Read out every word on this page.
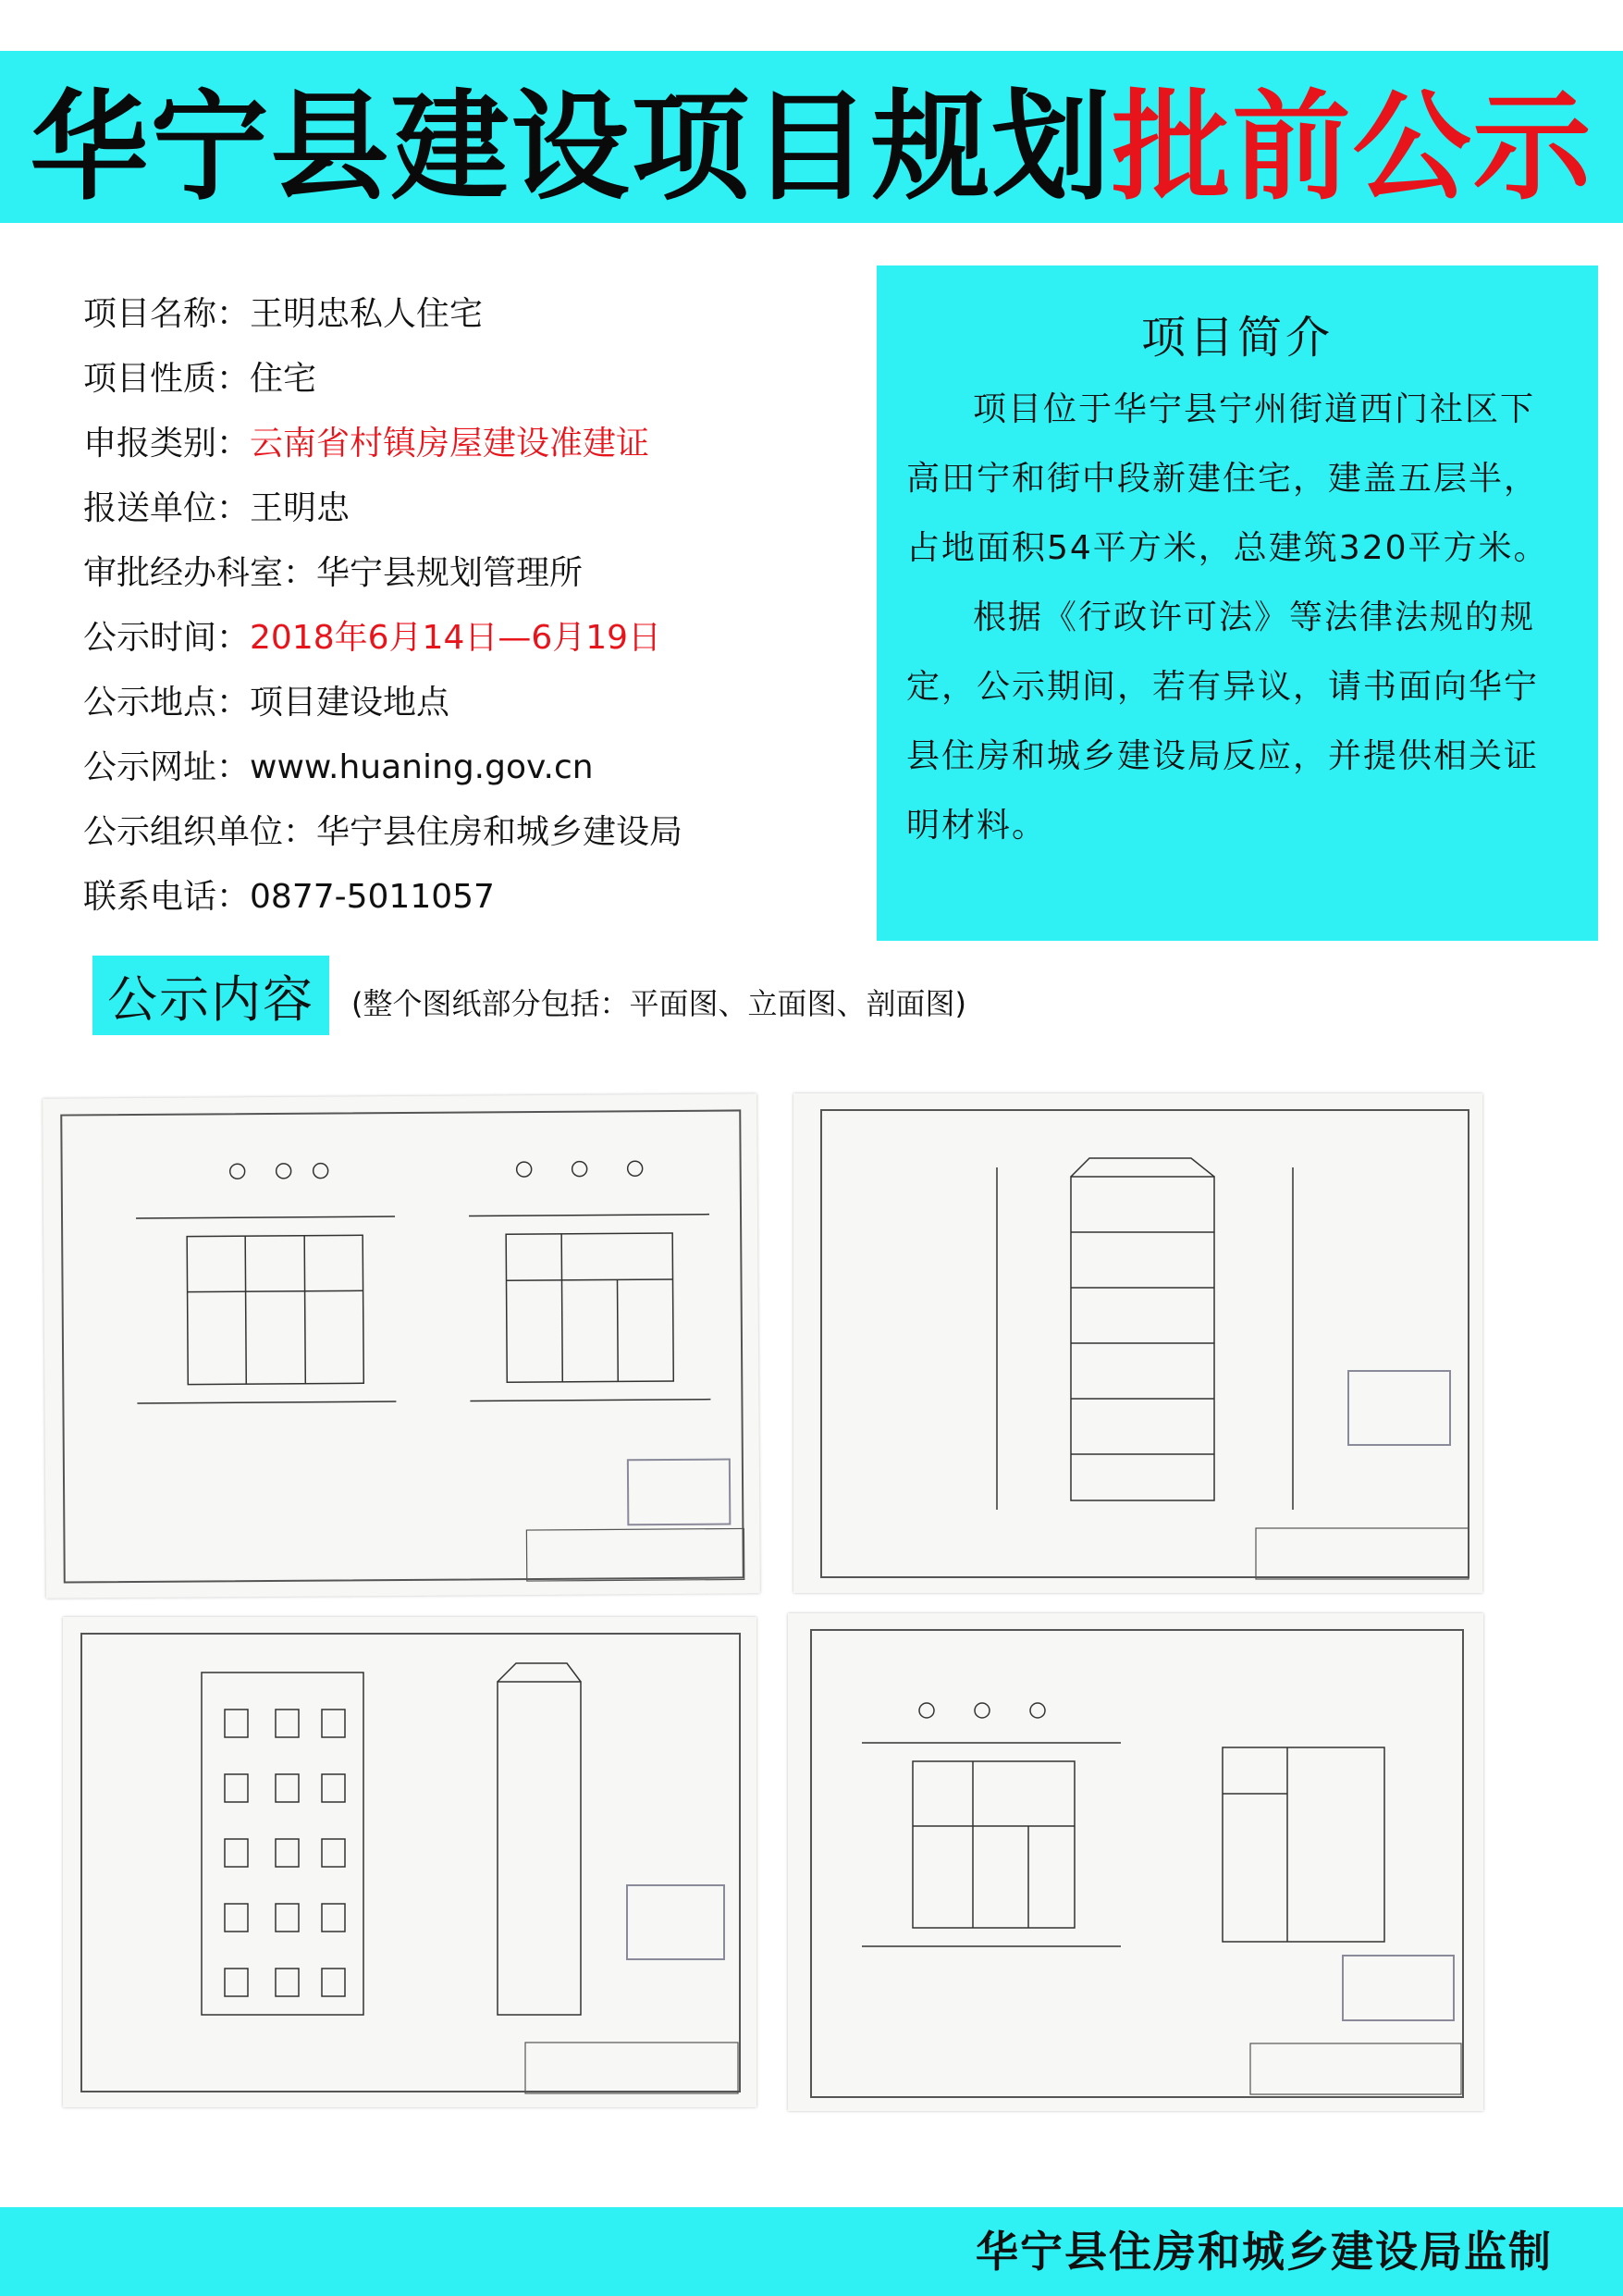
华宁县建设项目规划 批前公示
项目名称：王明忠私人住宅
项目性质：住宅
申报类别：云南省村镇房屋建设准建证
报送单位：王明忠
审批经办科室：华宁县规划管理所
公示时间：2018年6月14日—6月19日
公示地点：项目建设地点
公示网址：www.huaning.gov.cn
公示组织单位：华宁县住房和城乡建设局
联系电话：0877-5011057
项目简介

项目位于华宁县宁州街道西门社区下高田宁和街中段新建住宅，建盖五层半，占地面积54平方米，总建筑320平方米。

根据《行政许可法》等法律法规的规定，公示期间，若有异议，请书面向华宁县住房和城乡建设局反应，并提供相关证明材料。

公示内容	(整个图纸部分包括：平面图、立面图、剖面图)
华宁县住房和城乡建设局监制
